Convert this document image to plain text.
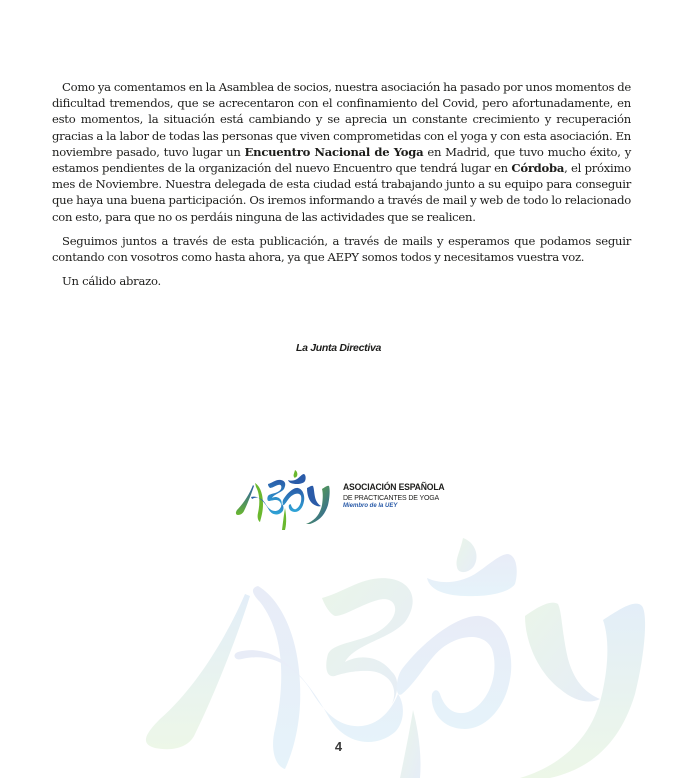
Como ya comentamos en la Asamblea de socios, nuestra asociación ha pasado por unos momentos de dificultad tremendos, que se acrecentaron con el confinamiento del Covid, pero afortunadamente, en esto momentos, la situación está cambiando y se aprecia un constante crecimiento y recuperación gracias a la labor de todas las personas que viven comprometidas con el yoga y con esta asociación. En noviembre pasado, tuvo lugar un Encuentro Nacional de Yoga en Madrid, que tuvo mucho éxito, y estamos pendientes de la organización del nuevo Encuentro que tendrá lugar en Córdoba, el próximo mes de Noviembre. Nuestra delegada de esta ciudad está trabajando junto a su equipo para conseguir que haya una buena participación. Os iremos informando a través de mail y web de todo lo relacionado con esto, para que no os perdáis ninguna de las actividades que se realicen.

Seguimos juntos a través de esta publicación, a través de mails y esperamos que podamos seguir contando con vosotros como hasta ahora, ya que AEPY somos todos y necesitamos vuestra voz.

Un cálido abrazo.

La Junta Directiva
ASOCIACIÓN ESPAÑOLA
DE PRACTICANTES DE YOGA
Miembro de la UEY
4
